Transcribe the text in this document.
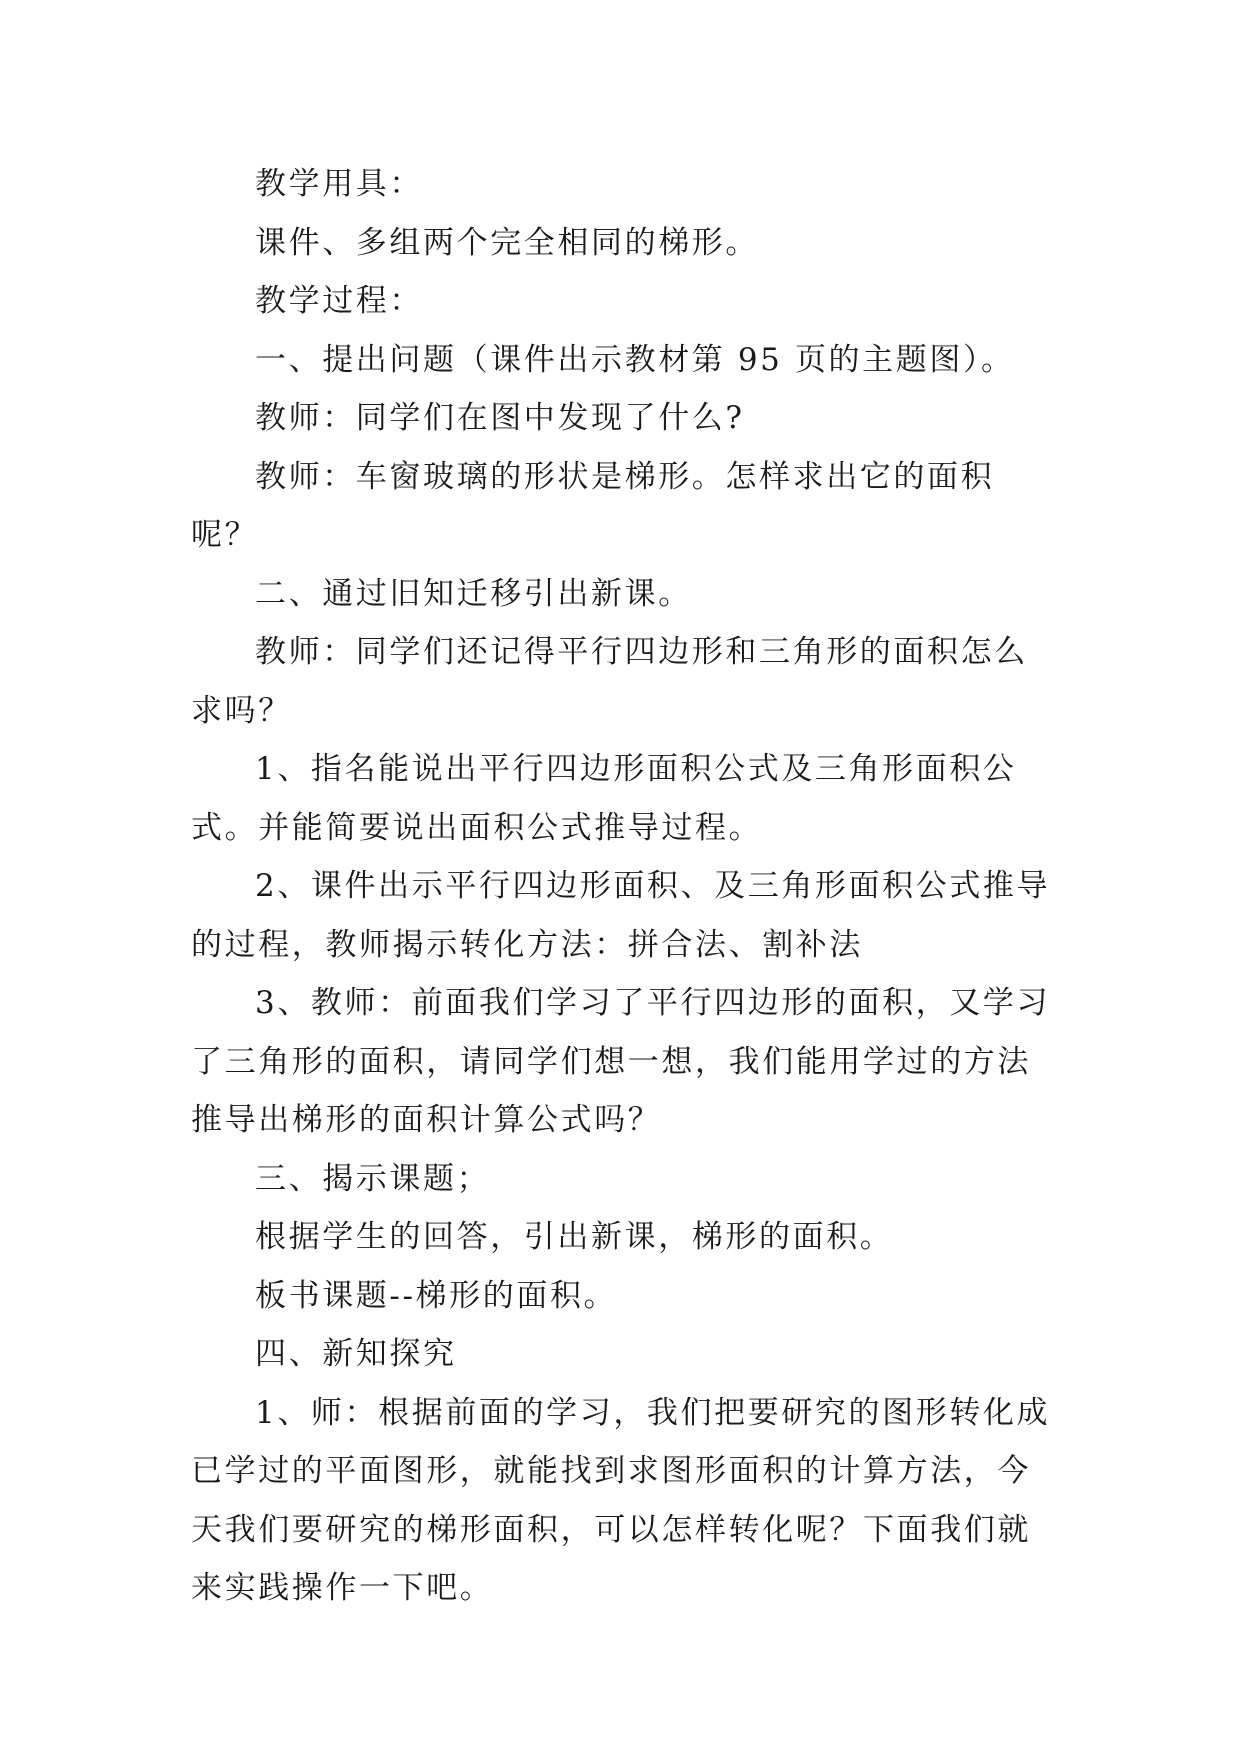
教学用具：

课件、多组两个完全相同的梯形。

教学过程：

一、提出问题（课件出示教材第 95 页的主题图）。

教师：同学们在图中发现了什么?

教师：车窗玻璃的形状是梯形。怎样求出它的面积呢？

二、通过旧知迁移引出新课。

教师：同学们还记得平行四边形和三角形的面积怎么求吗？

1、指名能说出平行四边形面积公式及三角形面积公式。并能简要说出面积公式推导过程。

2、课件出示平行四边形面积、及三角形面积公式推导的过程，教师揭示转化方法：拼合法、割补法

3、教师：前面我们学习了平行四边形的面积，又学习了三角形的面积，请同学们想一想，我们能用学过的方法推导出梯形的面积计算公式吗？

三、揭示课题；

根据学生的回答，引出新课，梯形的面积。

板书课题--梯形的面积。

四、新知探究

1、师：根据前面的学习，我们把要研究的图形转化成已学过的平面图形，就能找到求图形面积的计算方法，今天我们要研究的梯形面积，可以怎样转化呢？下面我们就来实践操作一下吧。
